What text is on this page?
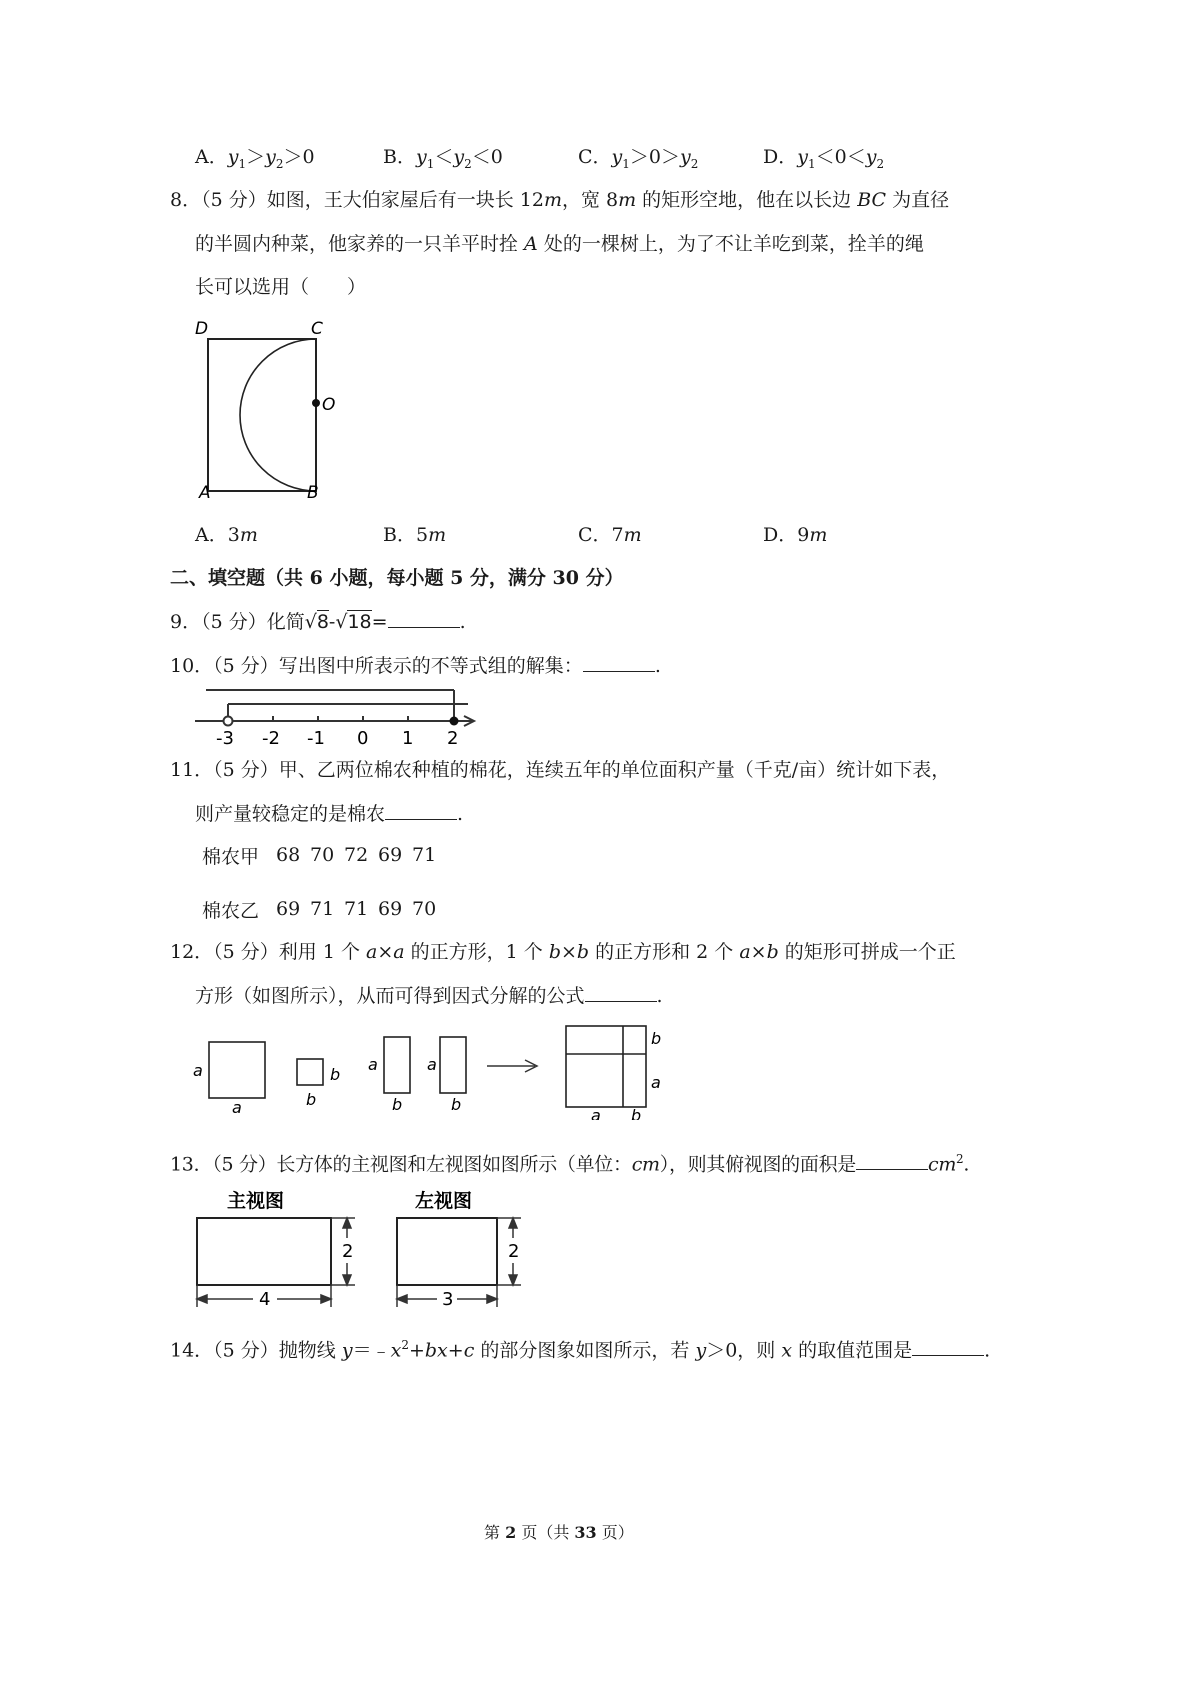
A．$y_1>y_2>0$	B．$y_1<y_2<0$	C．$y_1>0>y_2$	D．$y_1<0<y_2$
8．（5 分）如图，王大伯家屋后有一块长 12m，宽 8m 的矩形空地，他在以长边 BC 为直径
的半圆内种菜，他家养的一只羊平时拴 A 处的一棵树上，为了不让羊吃到菜，拴羊的绳
长可以选用（　　）
D	C
O
A	B
A．3m	B．5m	C．7m	D．9m
二、填空题（共 6 小题，每小题 5 分，满分 30 分）
9．（5 分）化简√8‐√18=	.
10．（5 分）写出图中所表示的不等式组的解集：	.
-3 -2 -1 0 1 2
11．（5 分）甲、乙两位棉农种植的棉花，连续五年的单位面积产量（千克/亩）统计如下表，
则产量较稳定的是棉农	.
棉农甲	68	70	72	69	71
棉农乙	69	71	71	69	70
12．（5 分）利用 1 个 a×a 的正方形，1 个 b×b 的正方形和 2 个 a×b 的矩形可拼成一个正
方形（如图所示），从而可得到因式分解的公式	.
a
a
b
b
a
b
a
b
b
a
a b
13．（5 分）长方体的主视图和左视图如图所示（单位：cm），则其俯视图的面积是	$cm^2$.
主视图	左视图
4
2
3
2
14．（5 分）抛物线 $y=﹣x^2+bx+c$ 的部分图象如图所示，若 y＞0，则 x 的取值范围是	.
第 2 页（共 33 页）
